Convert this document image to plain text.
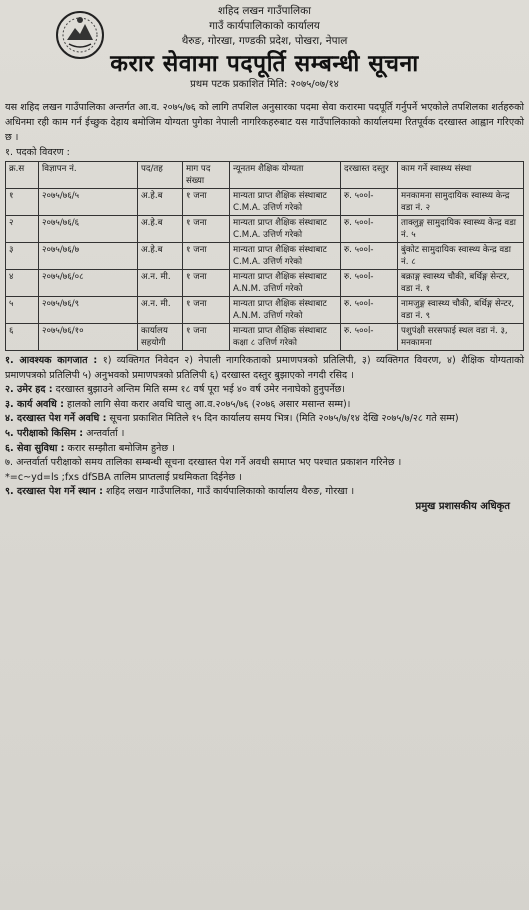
शहिद लखन गाउँपालिका
गाउँ कार्यपालिकाको कार्यालय
थैरुङ, गोरखा, गण्डकी प्रदेश, पोखरा, नेपाल
करार सेवामा पदपूर्ति सम्बन्धी सूचना
प्रथम पटक प्रकाशित मिति: २०७५/०७/१४
यस शहिद लखन गाउँपालिका अन्तर्गत आ.व. २०७५/७६ को लागि तपशिल अनुसारका पदमा सेवा करारमा पदपूर्ति गर्नुपर्ने भएकोले तपशिलका शर्तहरुको अधिनमा रही काम गर्न ईच्छुक देहाय बमोजिम योग्यता पुगेका नेपाली नागरिकहरुबाट यस गाउँपालिकाको कार्यालयमा रितपूर्वक दरखास्त आह्वान गरिएको छ ।
१. पदको विवरण :
क्र.स	विज्ञापन नं.	पद/तह	माग पद संख्या	न्यूनतम शैक्षिक योग्यता	दरखास्त दस्तुर	काम गर्ने स्वास्थ्य संस्था
१	२०७५/७६/५	अ.हे.ब	१ जना	मान्यता प्राप्त शैक्षिक संस्थाबाट C.M.A. उत्तिर्ण गरेको	रु. ५००l-	मनकामना सामुदायिक स्वास्थ्य केन्द्र वडा नं. २
२	२०७५/७६/६	अ.हे.ब	१ जना	मान्यता प्राप्त शैक्षिक संस्थाबाट C.M.A. उत्तिर्ण गरेको	रु. ५००l-	ताक्लुङ्ग सामुदायिक स्वास्थ्य केन्द्र वडा नं. ५
३	२०७५/७६/७	अ.हे.ब	१ जना	मान्यता प्राप्त शैक्षिक संस्थाबाट C.M.A. उत्तिर्ण गरेको	रु. ५००l-	बुंकोट सामुदायिक स्वास्थ्य केन्द्र वडा नं. ८
४	२०७५/७६/०८	अ.न. मी.	१ जना	मान्यता प्राप्त शैक्षिक संस्थाबाट A.N.M. उत्तिर्ण गरेको	रु. ५००l-	बक्राङ्ग स्वास्थ्य चौकी, बर्थिङ्ग सेन्टर, वडा नं. १
५	२०७५/७६/९	अ.न. मी.	१ जना	मान्यता प्राप्त शैक्षिक संस्थाबाट A.N.M. उत्तिर्ण गरेको	रु. ५००l-	नामजुङ्ग स्वास्थ्य चौकी, बर्थिङ्ग सेन्टर, वडा नं. ९
६	२०७५/७६/१०	कार्यालय सहयोगी	१ जना	मान्यता प्राप्त शैक्षिक संस्थाबाट कक्षा ८ उत्तिर्ण गरेको	रु. ५००l-	पशुपंक्षी सरसफाई स्थल वडा नं. ३, मनकामना

१. आवश्यक कागजात : १) व्यक्तिगत निवेदन २) नेपाली नागरिकताको प्रमाणपत्रको प्रतिलिपी, ३) व्यक्तिगत विवरण, ४) शैक्षिक योग्यताको प्रमाणपत्रको प्रतिलिपी ५) अनुभवको प्रमाणपत्रको प्रतिलिपी ६) दरखास्त दस्तुर बुझाएको नगदी रसिद ।

२. उमेर हद : दरखास्त बुझाउने अन्तिम मिति सम्म १८ वर्ष पूरा भई ४० वर्ष उमेर ननाघेको हुनुपर्नेछ।

३. कार्य अवधि : हालको लागि सेवा करार अवधि चालु आ.व.२०७५/७६ (२०७६ असार मसान्त सम्म)।

४. दरखास्त पेश गर्ने अवधि : सूचना प्रकाशित मितिले १५ दिन कार्यालय समय भित्र। (मिति २०७५/७/१४ देखि २०७५/७/२८ गते सम्म)

५. परीक्षाको किसिम : अन्तर्वार्ता ।

६. सेवा सुविधा : करार सम्झौता बमोजिम हुनेछ ।

७. अन्तर्वार्ता परीक्षाको समय तालिका सम्बन्धी सूचना दरखास्त पेश गर्ने अवधी समाप्त भए पश्चात प्रकाशन गरिनेछ ।

*=c~yd=ls ;fxs dfSBA तालिम प्राप्तलाई प्रथमिकता दिईनेछ ।

९. दरखास्त पेश गर्ने स्थान : शहिद लखन गाउँपालिका, गाउँ कार्यपालिकाको कार्यालय थैरुङ, गोरखा ।

प्रमुख प्रशासकीय अधिकृत
